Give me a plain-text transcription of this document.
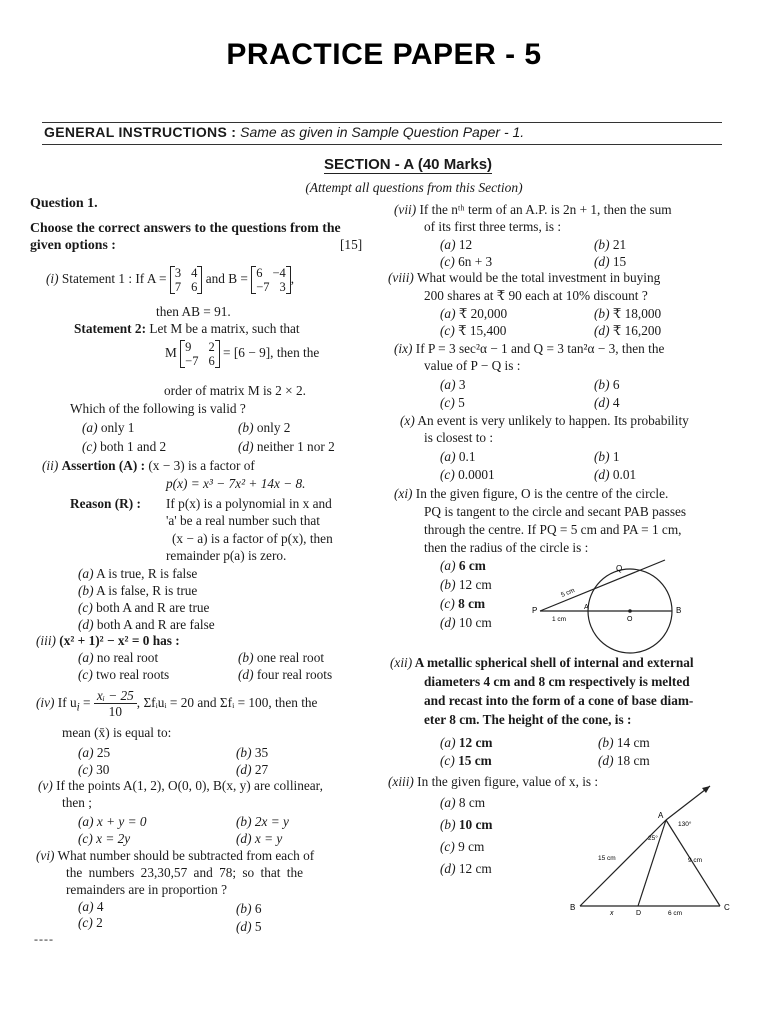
PRACTICE PAPER - 5
GENERAL INSTRUCTIONS : Same as given in Sample Question Paper - 1.
SECTION - A (40 Marks)
(Attempt all questions from this Section)
Question 1.
Choose the correct answers to the questions from the
given options :	[15]
(i) Statement 1 : If A = 3 4
7 6
and B = 6 −4
−7 3
,
then AB = 91.
Statement 2: Let M be a matrix, such that
M 9 2
−7 6
= [6 − 9], then the
order of matrix M is 2 × 2.
Which of the following is valid ?
(a) only 1	(b) only 2
(c) both 1 and 2	(d) neither 1 nor 2
(ii) Assertion (A) : (x − 3) is a factor of
p(x) = x³ − 7x² + 14x − 8.
Reason (R) : If p(x) is a polynomial in x and
'a' be a real number such that
(x − a) is a factor of p(x), then
remainder p(a) is zero.
(a) A is true, R is false
(b) A is false, R is true
(c) both A and R are true
(d) both A and R are false
(iii) (x² + 1)² − x² = 0 has :
(a) no real root	(b) one real root
(c) two real roots	(d) four real roots
(iv) If $u_i = \frac{\text{xᵢ − 25}}{10}$ , Σfᵢuᵢ = 20 and Σfᵢ = 100, then the
mean (x̄) is equal to:
(a) 25	(b) 35
(c) 30	(d) 27
(v) If the points A(1, 2), O(0, 0), B(x, y) are collinear,
then ;
(a) x + y = 0	(b) 2x = y
(c) x = 2y	(d) x = y
(vi) What number should be subtracted from each of
the numbers 23,30,57 and 78; so that the
remainders are in proportion ?
(a) 4	(b) 6
(c) 2	(d) 5
----
(vii) If the nᵗʰ term of an A.P. is 2n + 1, then the sum
of its first three terms, is :
(a) 12	(b) 21
(c) 6n + 3	(d) 15
(viii) What would be the total investment in buying
200 shares at ₹ 90 each at 10% discount ?
(a) ₹ 20,000	(b) ₹ 18,000
(c) ₹ 15,400	(d) ₹ 16,200
(ix) If P = 3 sec²α − 1 and Q = 3 tan²α − 3, then the
value of P − Q is :
(a) 3	(b) 6
(c) 5	(d) 4
(x) An event is very unlikely to happen. Its probability
is closest to :
(a) 0.1	(b) 1
(c) 0.0001	(d) 0.01
(xi) In the given figure, O is the centre of the circle.
PQ is tangent to the circle and secant PAB passes
through the centre. If PQ = 5 cm and PA = 1 cm,
then the radius of the circle is :
(a) 6 cm
(b) 12 cm
(c) 8 cm
(d) 10 cm
P
Q
A
O
B
5 cm
1 cm
(xii) A metallic spherical shell of internal and external
diameters 4 cm and 8 cm respectively is melted
and recast into the form of a cone of base diam-
eter 8 cm. The height of the cone, is :
(a) 12 cm	(b) 14 cm
(c) 15 cm	(d) 18 cm
(xiii) In the given figure, value of x, is :
(a) 8 cm
(b) 10 cm
(c) 9 cm
(d) 12 cm
A
B
D
C
x	6 cm
15 cm	9 cm
25°
130°
